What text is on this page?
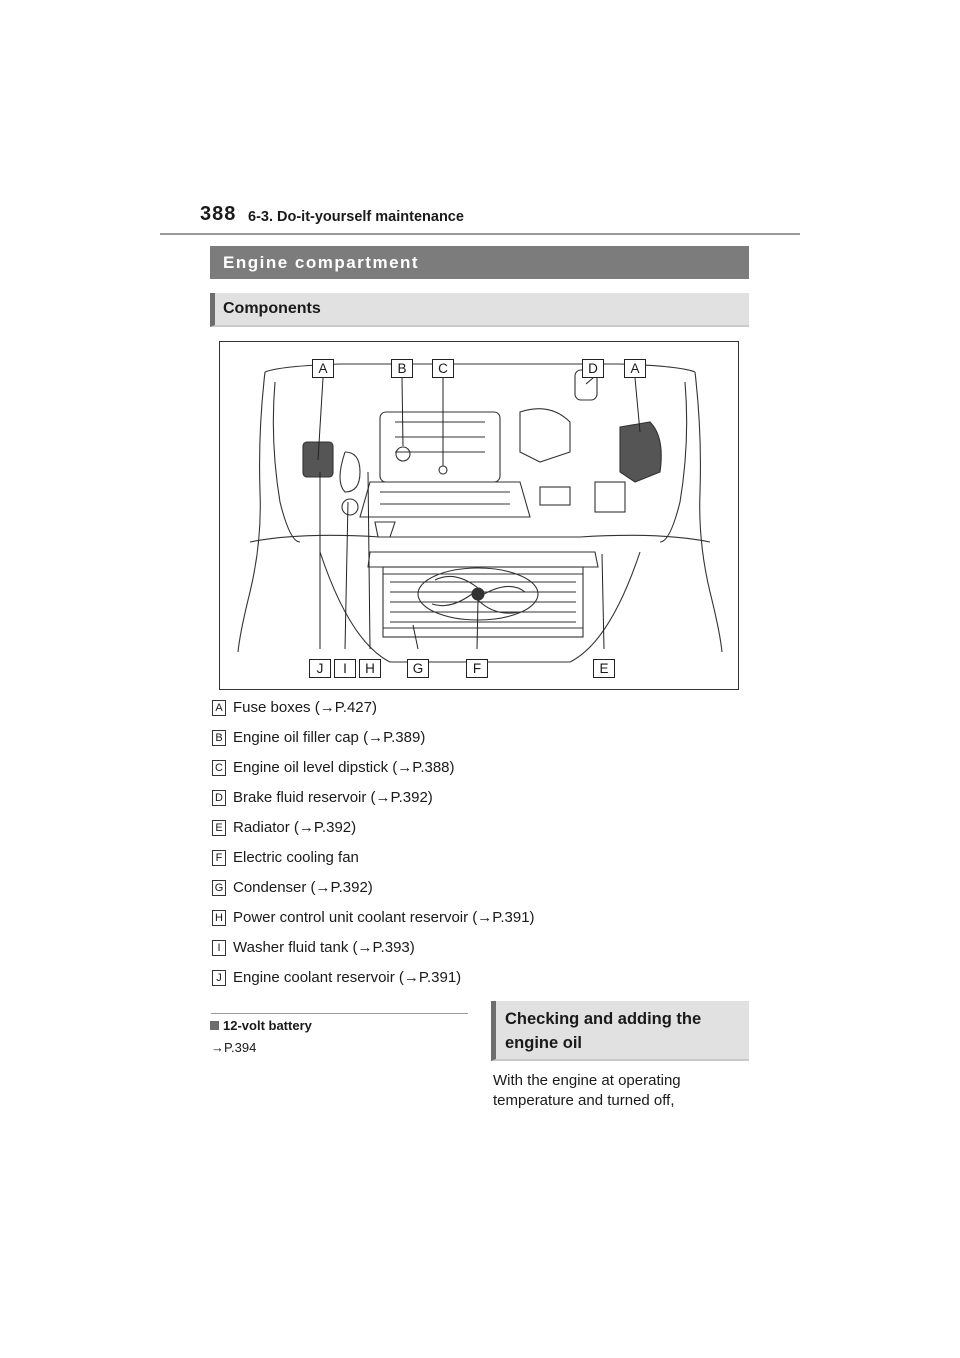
388 6-3. Do-it-yourself maintenance
Engine compartment
Components
A	B	C	D	A
J	I	H	G	F	E
A Fuse boxes (→P.427)
B Engine oil filler cap (→P.389)
C Engine oil level dipstick (→P.388)
D Brake fluid reservoir (→P.392)
E Radiator (→P.392)
F Electric cooling fan
G Condenser (→P.392)
H Power control unit coolant reservoir (→P.391)
I Washer fluid tank (→P.393)
J Engine coolant reservoir (→P.391)
12-volt battery
→P.394
Checking and adding the
engine oil
With the engine at operating temperature and turned off,
